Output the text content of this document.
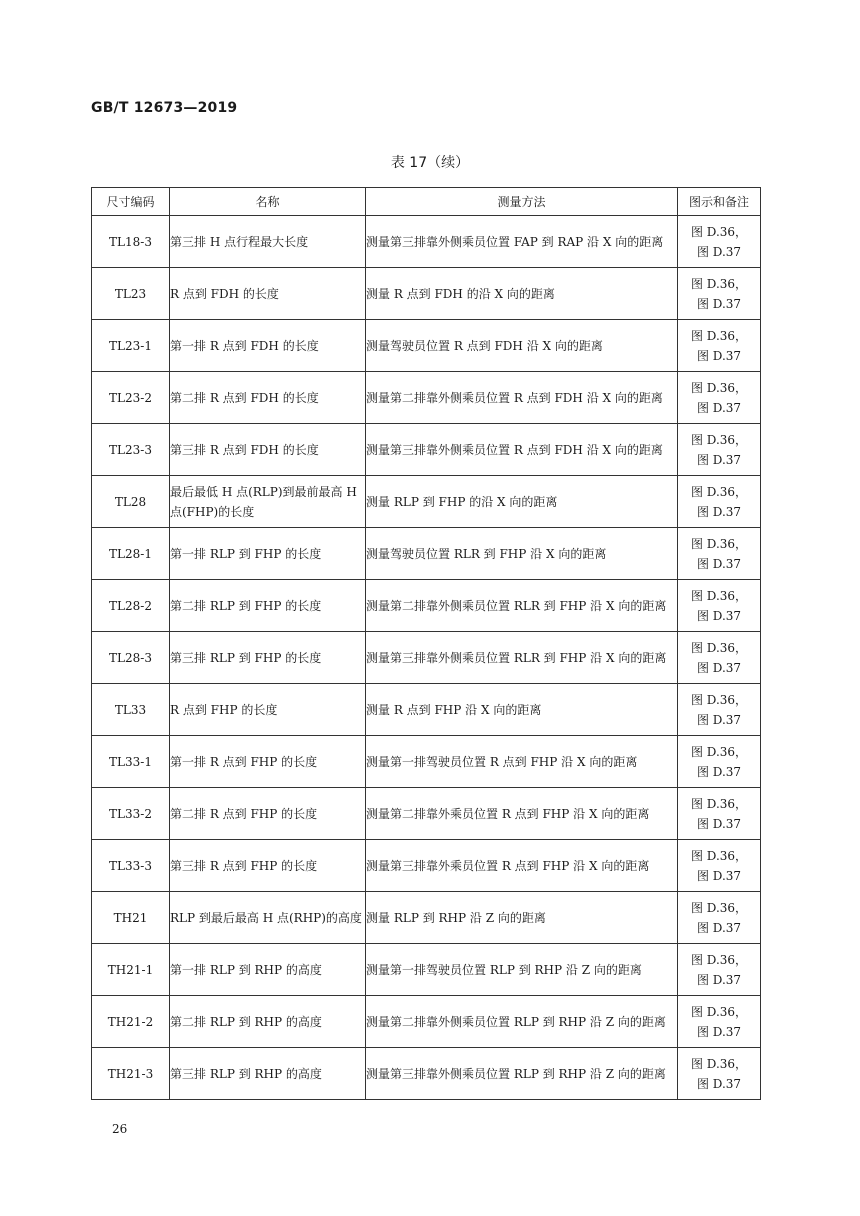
GB/T 12673—2019
表 17（续）
尺寸编码	名称	测量方法	图示和备注
TL18-3	第三排 H 点行程最大长度	测量第三排靠外侧乘员位置 FAP 到 RAP 沿 X 向的距离	图 D.36，
图 D.37

TL23	R 点到 FDH 的长度	测量 R 点到 FDH 的沿 X 向的距离	图 D.36，
图 D.37

TL23-1	第一排 R 点到 FDH 的长度	测量驾驶员位置 R 点到 FDH 沿 X 向的距离	图 D.36，
图 D.37

TL23-2	第二排 R 点到 FDH 的长度	测量第二排靠外侧乘员位置 R 点到 FDH 沿 X 向的距离	图 D.36，
图 D.37

TL23-3	第三排 R 点到 FDH 的长度	测量第三排靠外侧乘员位置 R 点到 FDH 沿 X 向的距离	图 D.36，
图 D.37

TL28	最后最低 H 点(RLP)到最前最高 H 点(FHP)的长度	测量 RLP 到 FHP 的沿 X 向的距离	图 D.36，
图 D.37

TL28-1	第一排 RLP 到 FHP 的长度	测量驾驶员位置 RLR 到 FHP 沿 X 向的距离	图 D.36，
图 D.37

TL28-2	第二排 RLP 到 FHP 的长度	测量第二排靠外侧乘员位置 RLR 到 FHP 沿 X 向的距离	图 D.36，
图 D.37

TL28-3	第三排 RLP 到 FHP 的长度	测量第三排靠外侧乘员位置 RLR 到 FHP 沿 X 向的距离	图 D.36，
图 D.37

TL33	R 点到 FHP 的长度	测量 R 点到 FHP 沿 X 向的距离	图 D.36，
图 D.37

TL33-1	第一排 R 点到 FHP 的长度	测量第一排驾驶员位置 R 点到 FHP 沿 X 向的距离	图 D.36，
图 D.37

TL33-2	第二排 R 点到 FHP 的长度	测量第二排靠外乘员位置 R 点到 FHP 沿 X 向的距离	图 D.36，
图 D.37

TL33-3	第三排 R 点到 FHP 的长度	测量第三排靠外乘员位置 R 点到 FHP 沿 X 向的距离	图 D.36，
图 D.37

TH21	RLP 到最后最高 H 点(RHP)的高度	测量 RLP 到 RHP 沿 Z 向的距离	图 D.36，
图 D.37

TH21-1	第一排 RLP 到 RHP 的高度	测量第一排驾驶员位置 RLP 到 RHP 沿 Z 向的距离	图 D.36，
图 D.37

TH21-2	第二排 RLP 到 RHP 的高度	测量第二排靠外侧乘员位置 RLP 到 RHP 沿 Z 向的距离	图 D.36，
图 D.37

TH21-3	第三排 RLP 到 RHP 的高度	测量第三排靠外侧乘员位置 RLP 到 RHP 沿 Z 向的距离	图 D.36，
图 D.37
26
